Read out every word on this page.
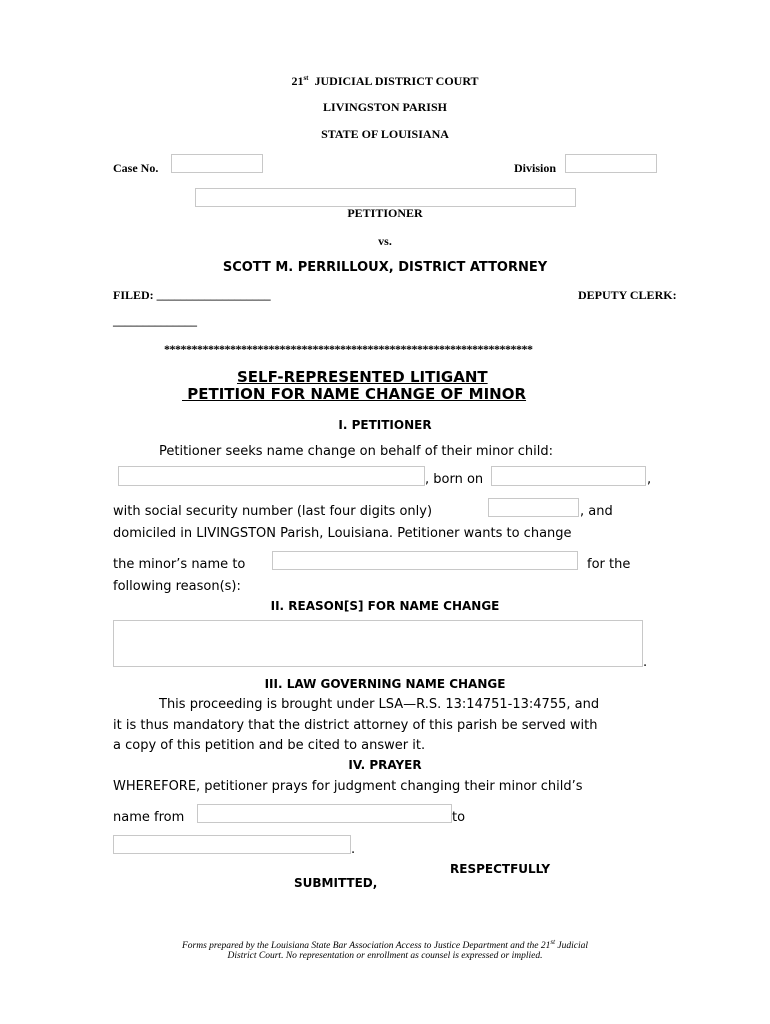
21st JUDICIAL DISTRICT COURT
LIVINGSTON PARISH
STATE OF LOUISIANA
Case No.	Division
PETITIONER
vs.
SCOTT M. PERRILLOUX, DISTRICT ATTORNEY
FILED: ___________________	DEPUTY CLERK:
______________
*******************************************************************
SELF-REPRESENTED LITIGANT
PETITION FOR NAME CHANGE OF MINOR
I. PETITIONER
Petitioner seeks name change on behalf of their minor child:
, born on	,
with social security number (last four digits only)	, and
domiciled in LIVINGSTON Parish, Louisiana. Petitioner wants to change
the minor’s name to	for the
following reason(s):
II. REASON[S] FOR NAME CHANGE
.
III. LAW GOVERNING NAME CHANGE
This proceeding is brought under LSA—R.S. 13:14751-13:4755, and
it is thus mandatory that the district attorney of this parish be served with
a copy of this petition and be cited to answer it.
IV. PRAYER
WHEREFORE, petitioner prays for judgment changing their minor child’s
name from	to
.
RESPECTFULLY
SUBMITTED,
Forms prepared by the Louisiana State Bar Association Access to Justice Department and the 21st Judicial
District Court. No representation or enrollment as counsel is expressed or implied.
